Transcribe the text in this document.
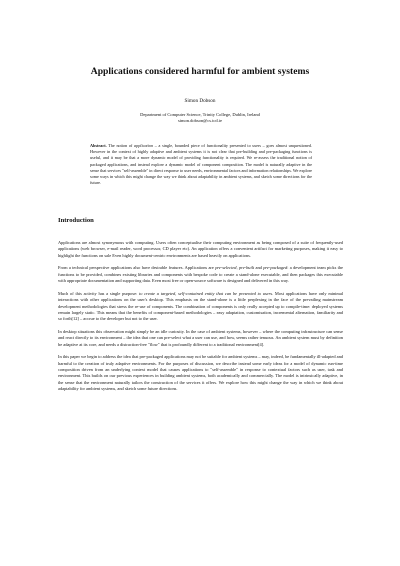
Applications considered harmful for ambient systems
Simon Dobson
Department of Computer Science, Trinity College, Dublin, Ireland
simon.dobson@cs.tcd.ie

Abstract. The notion of application – a single, bounded piece of functionality presented to users – goes almost unquestioned. However in the context of highly adaptive and ambient systems it is not clear that pre-building and pre-packaging functions is useful, and it may be that a more dynamic model of providing functionality is required. We re-assess the traditional notion of packaged applications, and instead explore a dynamic model of component composition. The model is naturally adaptive in the sense that services "self-assemble" in direct response to user needs, environmental factors and information relationships. We explore some ways in which this might change the way we think about adaptability in ambient systems, and sketch some directions for the future.

Introduction

Applications are almost synonymous with computing. Users often conceptualise their computing environment as being composed of a suite of frequently-used applications (web browser, e-mail reader, word processor, CD player etc). An application offers a convenient artifact for marketing purposes, making it easy to highlight the functions on sale Even highly document-centric environments are based heavily on applications.

From a technical perspective applications also have desirable features. Applications are pre-selected, pre-built and pre-packaged: a development team picks the functions to be provided, combines existing libraries and components with bespoke code to create a stand-alone executable, and then packages this executable with appropriate documentation and supporting data. Even most free or open-source software is designed and delivered in this way.

Much of this activity has a single purpose: to create a targeted, self-contained entity that can be presented to users. Most applications have only minimal interactions with other applications on the user's desktop. This emphasis on the stand-alone is a little perplexing in the face of the prevailing mainstream development methodologies that stress the re-use of components. The combination of components is only really accepted up to compile-time: deployed systems remain largely static. This means that the benefits of component-based methodologies – easy adaptation, customisation, incremental alternation, familiarity and so forth[12] – accrue to the developer but not to the user.

In desktop situations this observation might simply be an idle curiosity. In the case of ambient systems, however – where the computing infrastructure can sense and react directly to its environment – the idea that one can pre-select what a user can use, and how, seems rather tenuous. An ambient system must by definition be adaptive at its core, and needs a distraction-free "flow" that is profoundly different to a traditional environment[4].

In this paper we begin to address the idea that pre-packaged applications may not be suitable for ambient systems – may, indeed, be fundamentally ill-adapted and harmful to the creation of truly adaptive environments. For the purposes of discussion, we describe instead some early ideas for a model of dynamic run-time composition driven from an underlying context model that causes applications to "self-assemble" in response to contextual factors such as user, task and environment. This builds on our previous experiences in building ambient systems, both academically and commercially. The model is intrinsically adaptive, in the sense that the environment naturally tailors the construction of the services it offers. We explore how this might change the way in which we think about adaptability for ambient systems, and sketch some future directions.
